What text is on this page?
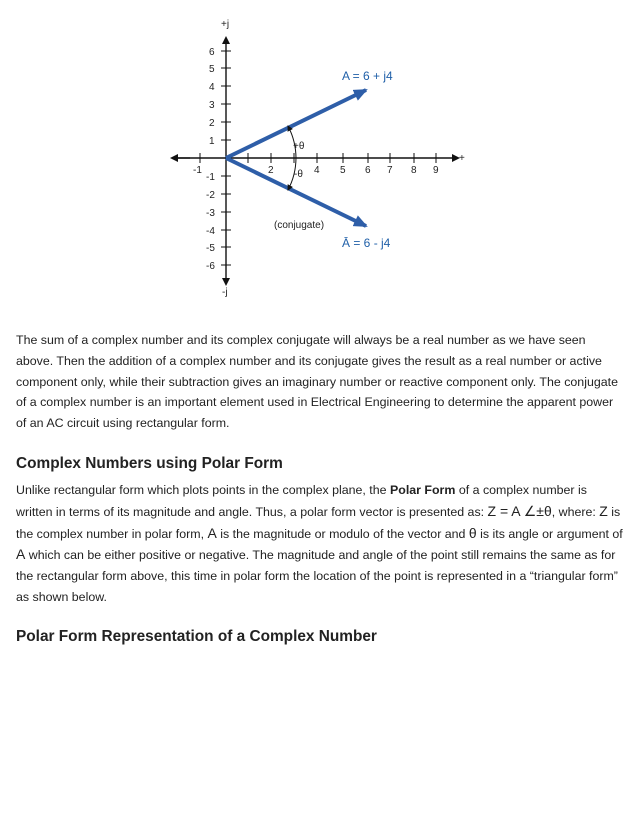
+j
-j
+
6
5
4
3
2
1
-1
-2
-3
-4
-5
-6
-1	2	4 5 6 7 8 9
A = 6 + j4
Ā = 6 - j4
+θ
-θ
(conjugate)

The sum of a complex number and its complex conjugate will always be a real number as we have seen above. Then the addition of a complex number and its conjugate gives the result as a real number or active component only, while their subtraction gives an imaginary number or reactive component only. The conjugate of a complex number is an important element used in Electrical Engineering to determine the apparent power of an AC circuit using rectangular form.

Complex Numbers using Polar Form

Unlike rectangular form which plots points in the complex plane, the Polar Form of a complex number is written in terms of its magnitude and angle. Thus, a polar form vector is presented as: Z = A ∠±θ, where: Z is the complex number in polar form, A is the magnitude or modulo of the vector and θ is its angle or argument of A which can be either positive or negative. The magnitude and angle of the point still remains the same as for the rectangular form above, this time in polar form the location of the point is represented in a “triangular form” as shown below.

Polar Form Representation of a Complex Number
